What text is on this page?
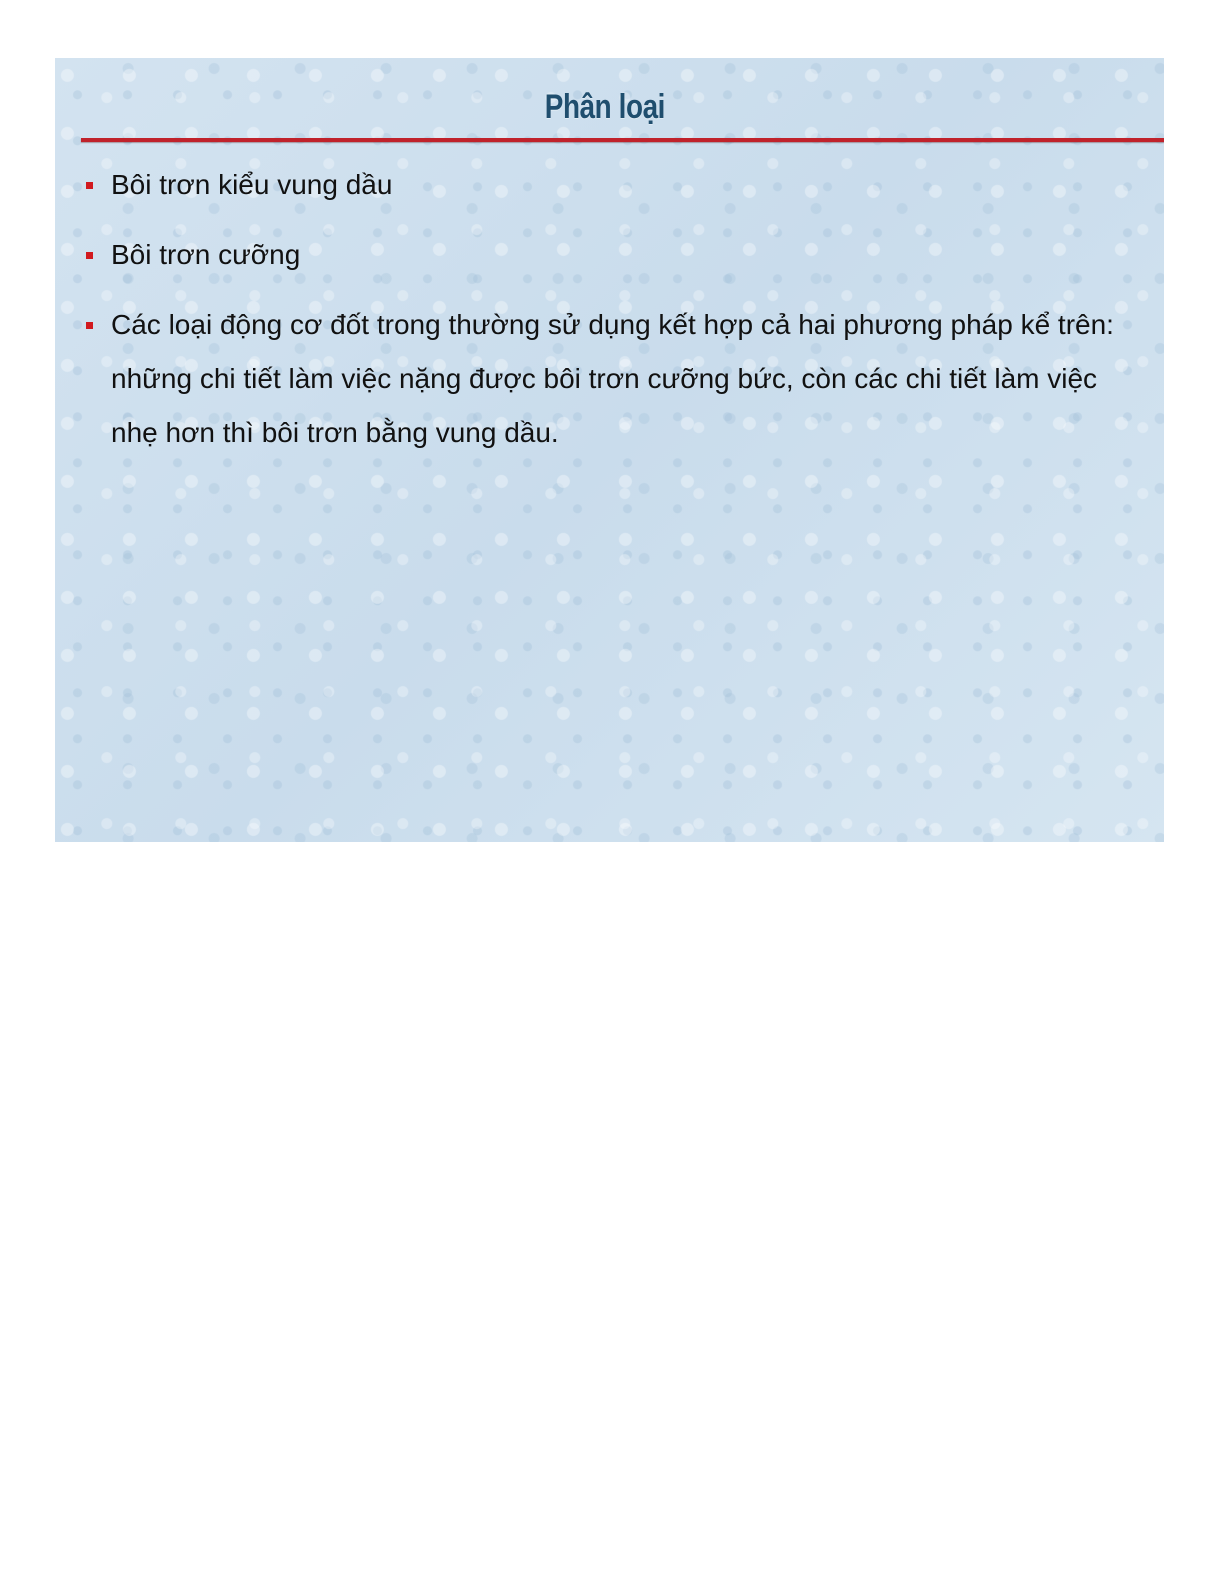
Phân loại
Bôi trơn kiểu vung dầu
Bôi trơn cưỡng
Các loại động cơ đốt trong thường sử dụng kết hợp cả hai phương pháp kể trên: những chi tiết làm việc nặng được bôi trơn cưỡng bức, còn các chi tiết làm việc nhẹ hơn thì bôi trơn bằng vung dầu.
